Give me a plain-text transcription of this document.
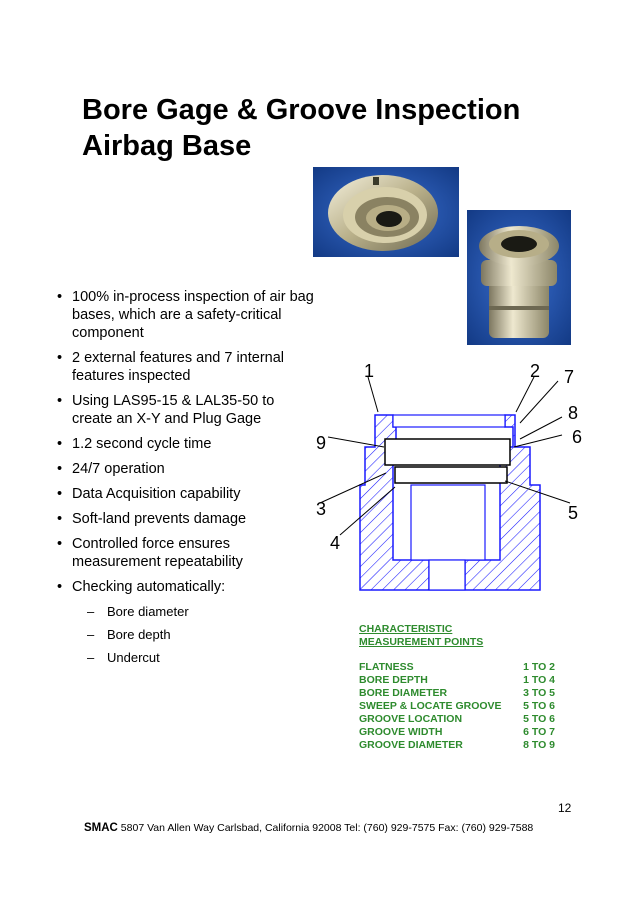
Bore Gage & Groove Inspection
Airbag Base
• 100% in-process inspection of air bag bases, which are a safety-critical component
• 2 external features and 7 internal features inspected
• Using LAS95-15 & LAL35-50 to create an X-Y and Plug Gage
• 1.2 second cycle time
• 24/7 operation
• Data Acquisition capability
• Soft-land prevents damage
• Controlled force ensures measurement repeatability
• Checking automatically:
– Bore diameter
– Bore depth
– Undercut
1	2 7
8
6
9
3	5
4
CHARACTERISTIC
MEASUREMENT POINTS
FLATNESS	1 TO 2
BORE DEPTH	1 TO 4
BORE DIAMETER	3 TO 5
SWEEP & LOCATE GROOVE	5 TO 6
GROOVE LOCATION	5 TO 6
GROOVE WIDTH	6 TO 7
GROOVE DIAMETER	8 TO 9
12
SMAC 5807 Van Allen Way Carlsbad, California 92008 Tel: (760) 929-7575 Fax: (760) 929-7588
